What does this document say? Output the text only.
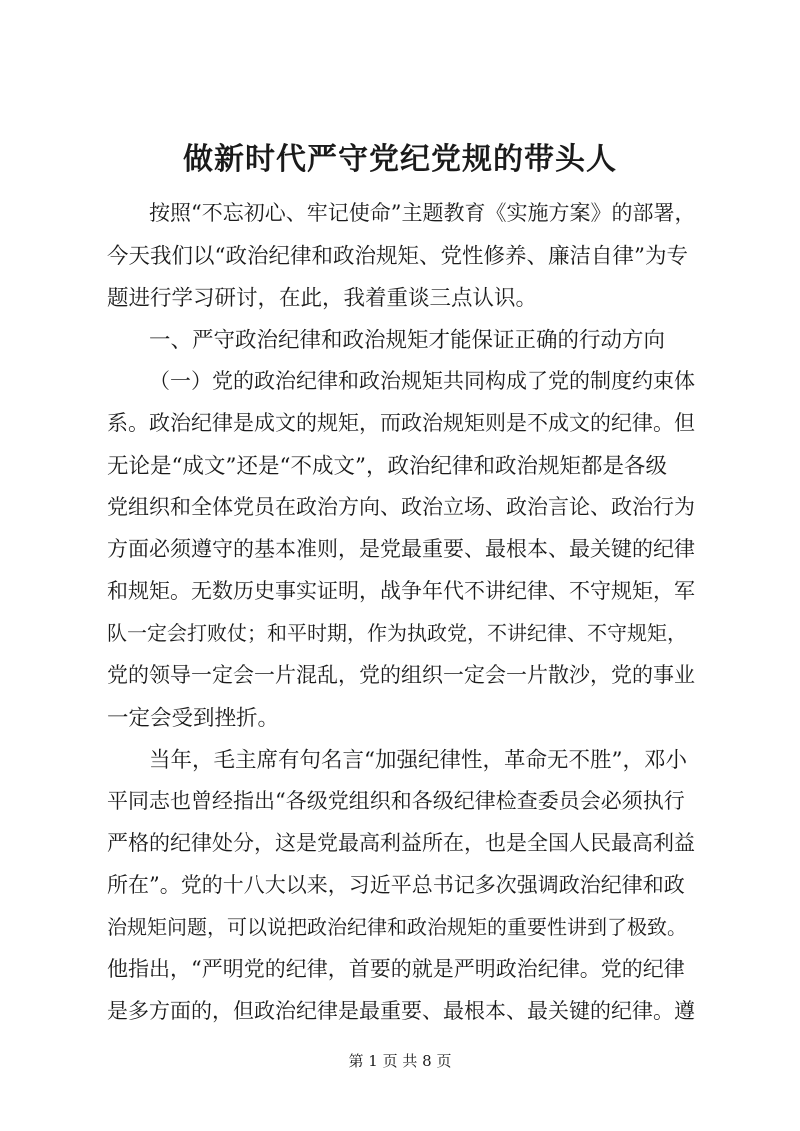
做新时代严守党纪党规的带头人
按照“不忘初心、牢记使命”主题教育《实施方案》的部署，
今天我们以“政治纪律和政治规矩、党性修养、廉洁自律”为专
题进行学习研讨，在此，我着重谈三点认识。
一、严守政治纪律和政治规矩才能保证正确的行动方向
（一）党的政治纪律和政治规矩共同构成了党的制度约束体
系。政治纪律是成文的规矩，而政治规矩则是不成文的纪律。但
无论是“成文”还是“不成文”，政治纪律和政治规矩都是各级
党组织和全体党员在政治方向、政治立场、政治言论、政治行为
方面必须遵守的基本准则，是党最重要、最根本、最关键的纪律
和规矩。无数历史事实证明，战争年代不讲纪律、不守规矩，军
队一定会打败仗；和平时期，作为执政党，不讲纪律、不守规矩，
党的领导一定会一片混乱，党的组织一定会一片散沙，党的事业
一定会受到挫折。
当年，毛主席有句名言“加强纪律性，革命无不胜”，邓小
平同志也曾经指出“各级党组织和各级纪律检查委员会必须执行
严格的纪律处分，这是党最高利益所在，也是全国人民最高利益
所在”。党的十八大以来，习近平总书记多次强调政治纪律和政
治规矩问题，可以说把政治纪律和政治规矩的重要性讲到了极致。
他指出，“严明党的纪律，首要的就是严明政治纪律。党的纪律
是多方面的，但政治纪律是最重要、最根本、最关键的纪律。遵
第 1 页 共 8 页
